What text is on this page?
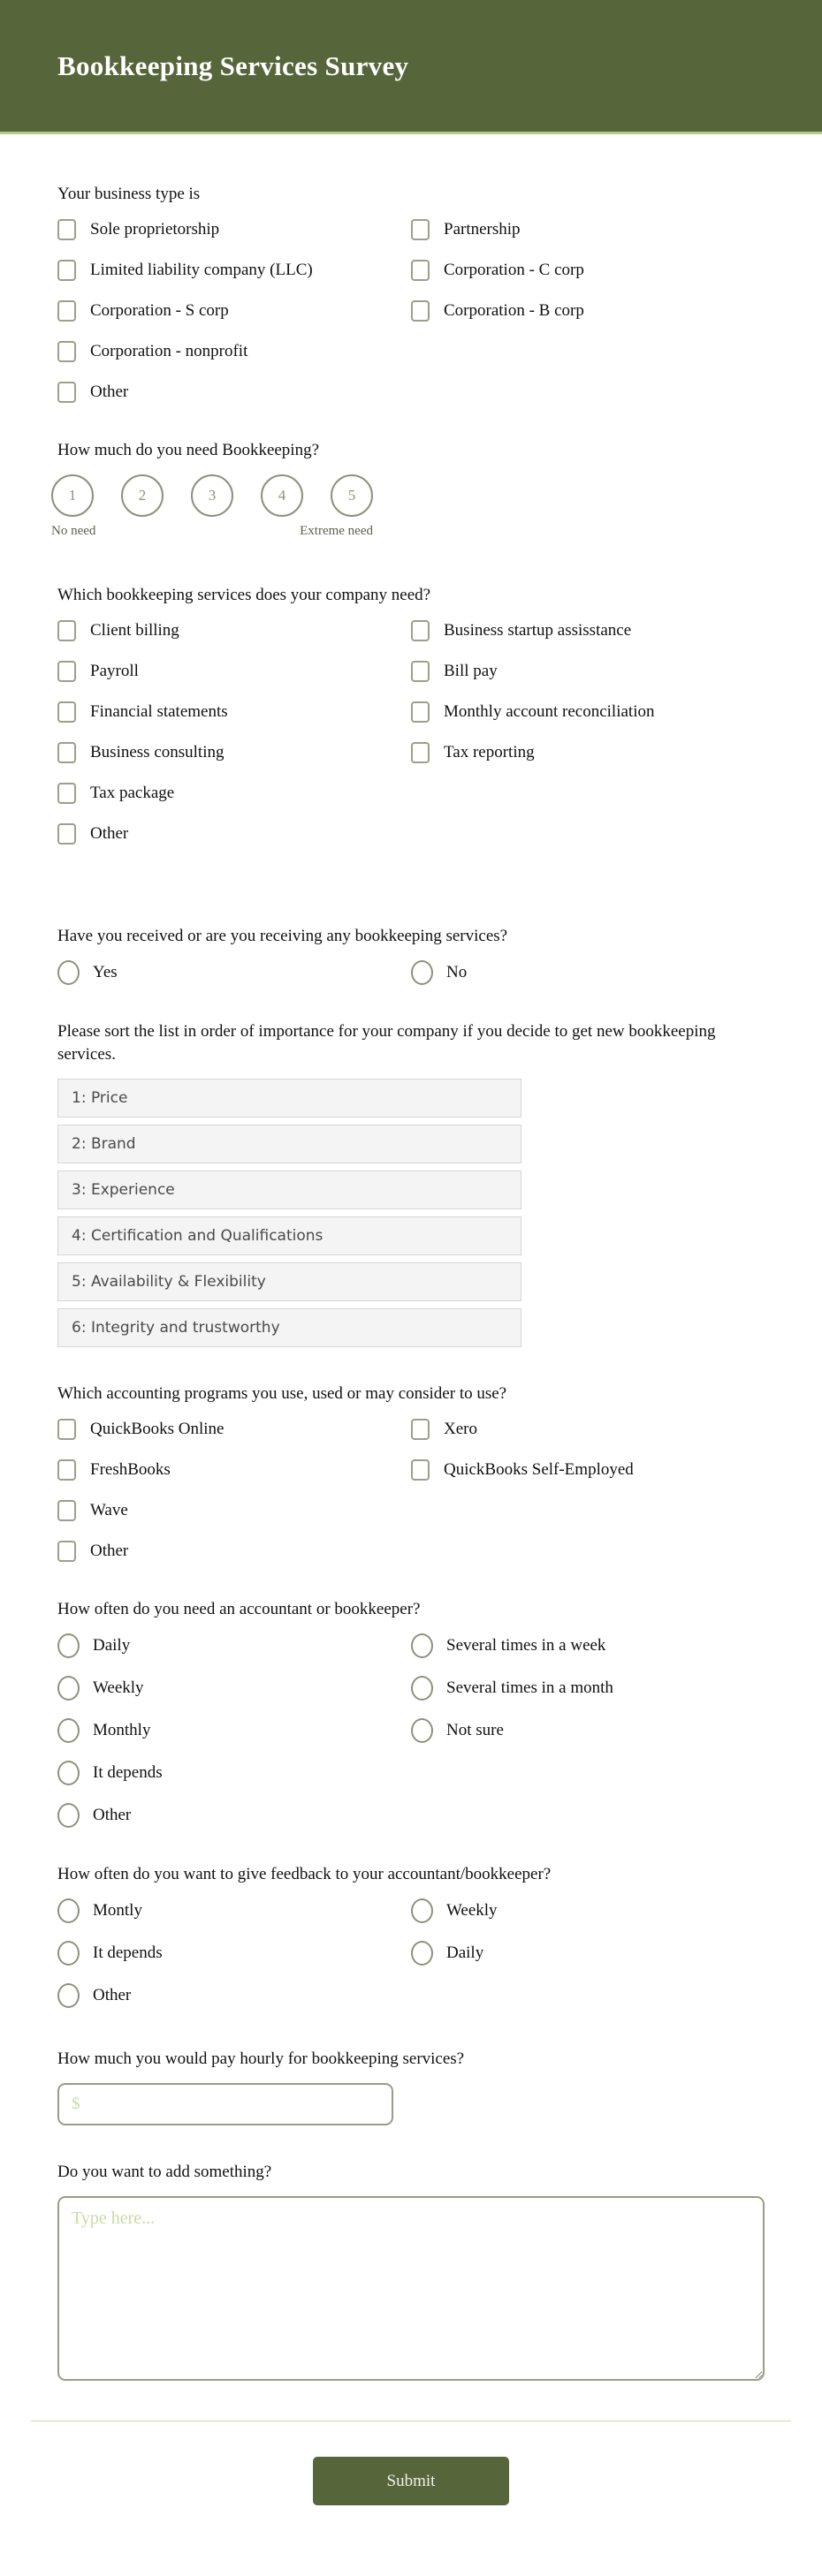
Bookkeeping Services Survey
Your business type is
Sole proprietorship
Limited liability company (LLC)
Corporation - S corp
Corporation - nonprofit
Other
Partnership
Corporation - C corp
Corporation - B corp
How much do you need Bookkeeping?
1	2	3	4	5
No need	Extreme need
Which bookkeeping services does your company need?
Client billing
Payroll
Financial statements
Business consulting
Tax package
Other
Business startup assisstance
Bill pay
Monthly account reconciliation
Tax reporting
Have you received or are you receiving any bookkeeping services?
Yes	No
Please sort the list in order of importance for your company if you decide to get new bookkeeping services.
1: Price
2: Brand
3: Experience
4: Certification and Qualifications
5: Availability & Flexibility
6: Integrity and trustworthy
Which accounting programs you use, used or may consider to use?
QuickBooks Online
FreshBooks
Wave
Other
Xero
QuickBooks Self-Employed
How often do you need an accountant or bookkeeper?
Daily
Weekly
Monthly
It depends
Other
Several times in a week
Several times in a month
Not sure
How often do you want to give feedback to your accountant/bookkeeper?
Montly
It depends
Other
Weekly
Daily
How much you would pay hourly for bookkeeping services?
$
Do you want to add something?
Type here...
Submit
